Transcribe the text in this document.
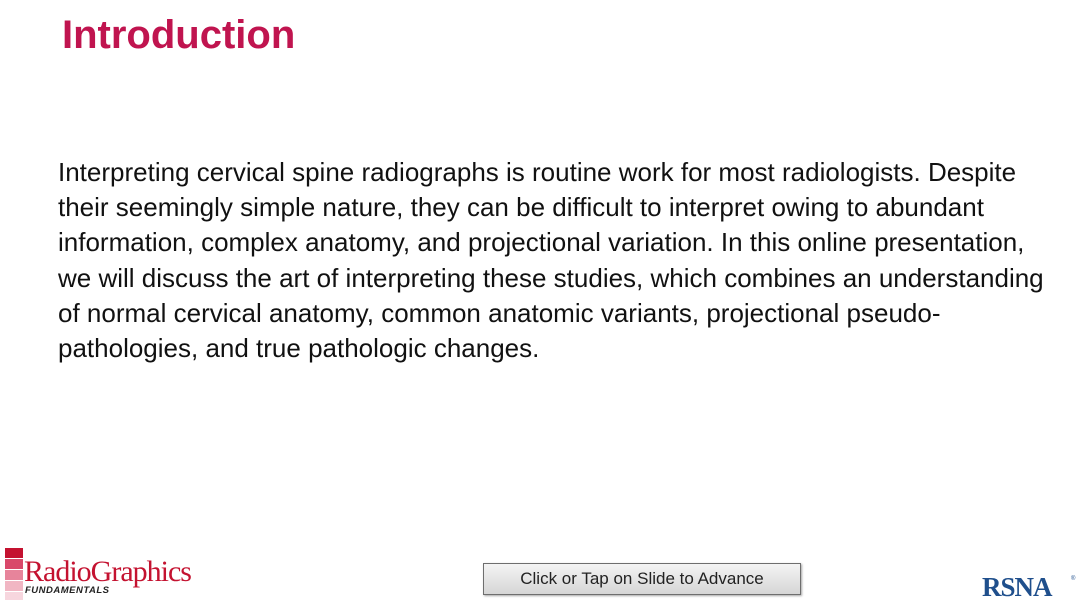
Introduction

Interpreting cervical spine radiographs is routine work for most radiologists. Despite their seemingly simple nature, they can be difficult to interpret owing to abundant information, complex anatomy, and projectional variation. In this online presentation, we will discuss the art of interpreting these studies, which combines an understanding of normal cervical anatomy, common anatomic variants, projectional pseudo-pathologies, and true pathologic changes.

RadioGraphics
FUNDAMENTALS
Click or Tap on Slide to Advance	RSNA	®
